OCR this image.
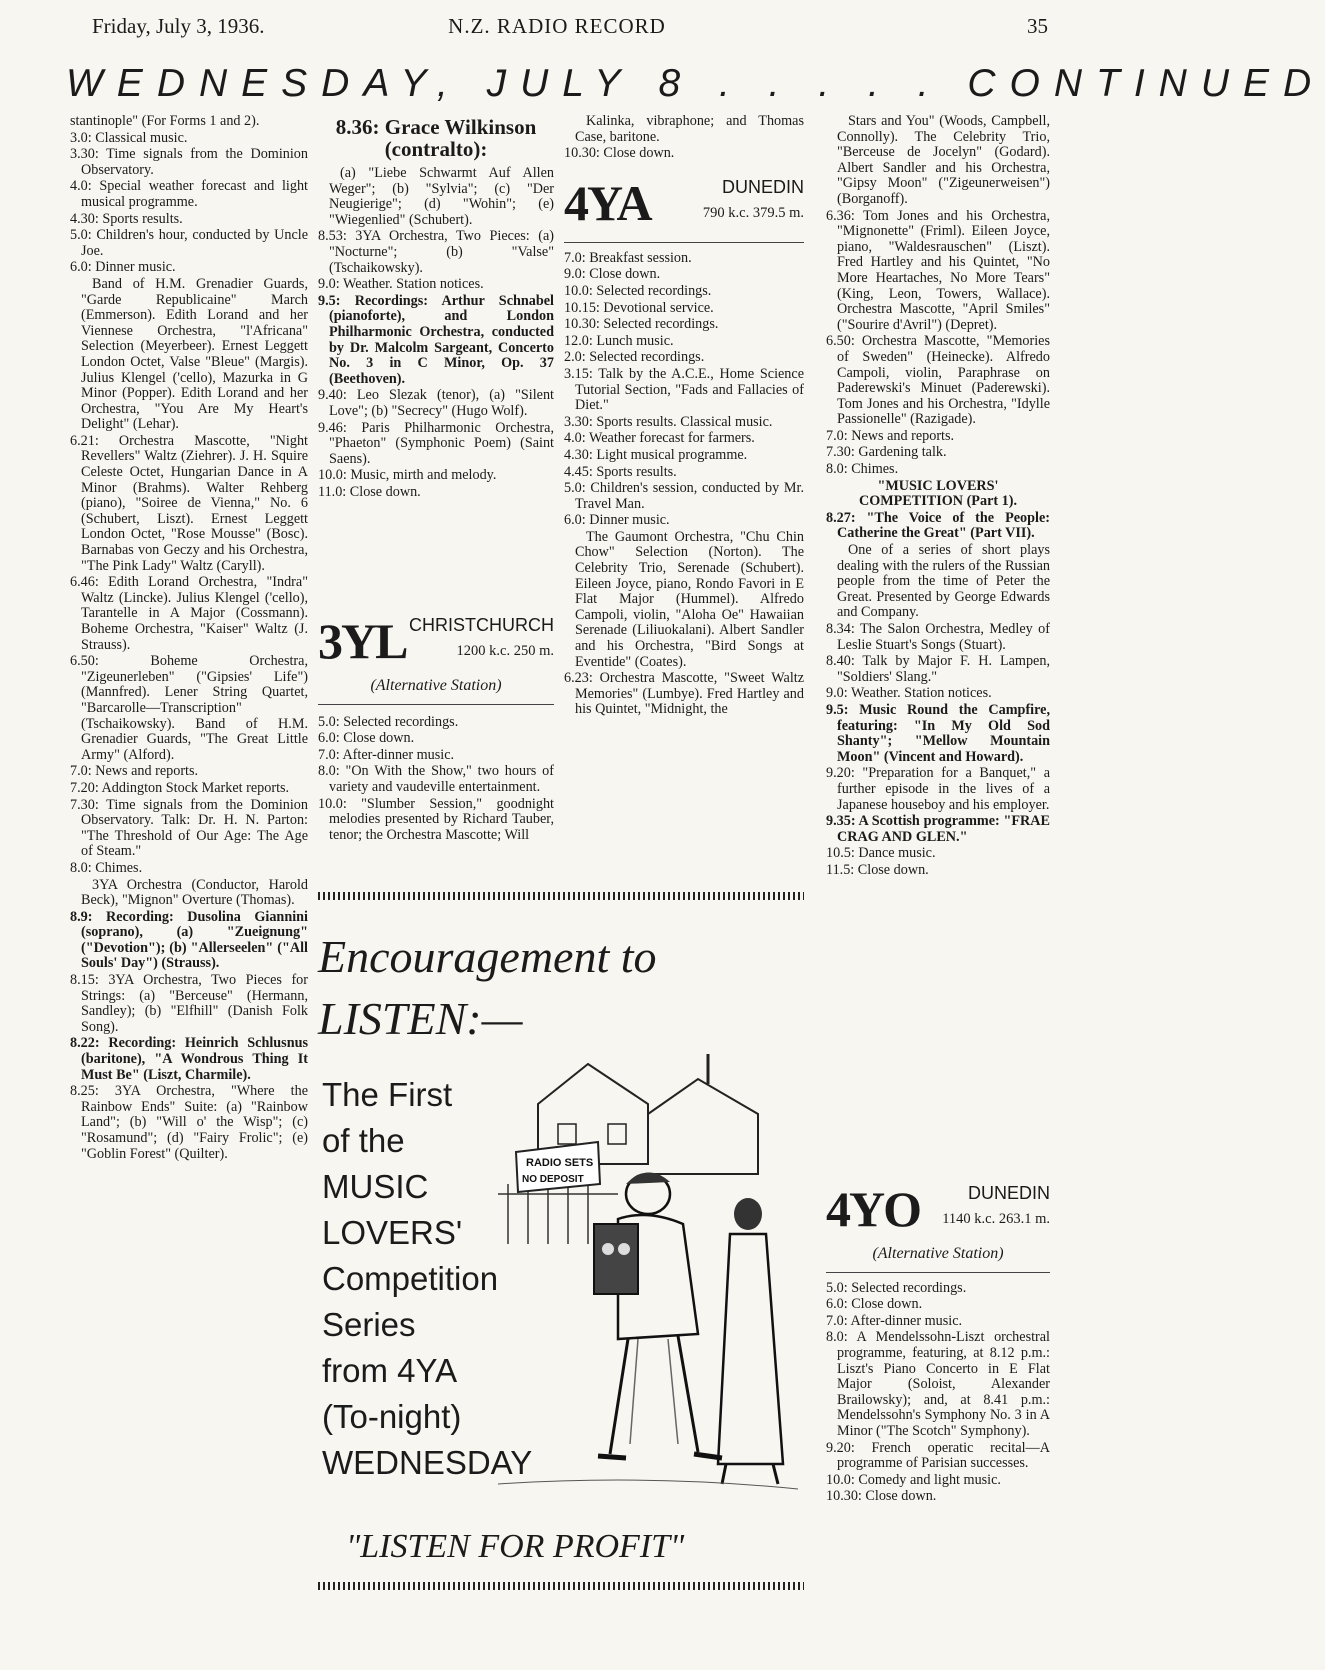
Friday, July 3, 1936.	N.Z. RADIO RECORD	35
WEDNESDAY, JULY 8 . . . . . CONTINUED
stantinople" (For Forms 1 and 2).
3.0: Classical music.
3.30: Time signals from the Dominion Observatory.
4.0: Special weather forecast and light musical programme.
4.30: Sports results.
5.0: Children's hour, conducted by Uncle Joe.
6.0: Dinner music.
Band of H.M. Grenadier Guards, "Garde Republicaine" March (Emmerson). Edith Lorand and her Viennese Orchestra, "l'Africana" Selection (Meyerbeer). Ernest Leggett London Octet, Valse "Bleue" (Margis). Julius Klengel ('cello), Mazurka in G Minor (Popper). Edith Lorand and her Orchestra, "You Are My Heart's Delight" (Lehar).
6.21: Orchestra Mascotte, "Night Revellers" Waltz (Ziehrer). J. H. Squire Celeste Octet, Hungarian Dance in A Minor (Brahms). Walter Rehberg (piano), "Soiree de Vienna," No. 6 (Schubert, Liszt). Ernest Leggett London Octet, "Rose Mousse" (Bosc). Barnabas von Geczy and his Orchestra, "The Pink Lady" Waltz (Caryll).
6.46: Edith Lorand Orchestra, "Indra" Waltz (Lincke). Julius Klengel ('cello), Tarantelle in A Major (Cossmann). Boheme Orchestra, "Kaiser" Waltz (J. Strauss).
6.50: Boheme Orchestra, "Zigeunerleben" ("Gipsies' Life") (Mannfred). Lener String Quartet, "Barcarolle—Transcription" (Tschaikowsky). Band of H.M. Grenadier Guards, "The Great Little Army" (Alford).
7.0: News and reports.
7.20: Addington Stock Market reports.
7.30: Time signals from the Dominion Observatory. Talk: Dr. H. N. Parton: "The Threshold of Our Age: The Age of Steam."
8.0: Chimes.
3YA Orchestra (Conductor, Harold Beck), "Mignon" Overture (Thomas).
8.9: Recording: Dusolina Giannini (soprano), (a) "Zueignung" ("Devotion"); (b) "Allerseelen" ("All Souls' Day") (Strauss).
8.15: 3YA Orchestra, Two Pieces for Strings: (a) "Berceuse" (Hermann, Sandley); (b) "Elfhill" (Danish Folk Song).
8.22: Recording: Heinrich Schlusnus (baritone), "A Wondrous Thing It Must Be" (Liszt, Charmile).
8.25: 3YA Orchestra, "Where the Rainbow Ends" Suite: (a) "Rainbow Land"; (b) "Will o' the Wisp"; (c) "Rosamund"; (d) "Fairy Frolic"; (e) "Goblin Forest" (Quilter).
8.36: Grace Wilkinson (contralto):
(a) "Liebe Schwarmt Auf Allen Weger"; (b) "Sylvia"; (c) "Der Neugierige"; (d) "Wohin"; (e) "Wiegenlied" (Schubert).
8.53: 3YA Orchestra, Two Pieces: (a) "Nocturne"; (b) "Valse" (Tschaikowsky).
9.0: Weather. Station notices.
9.5: Recordings: Arthur Schnabel (pianoforte), and London Philharmonic Orchestra, conducted by Dr. Malcolm Sargeant, Concerto No. 3 in C Minor, Op. 37 (Beethoven).
9.40: Leo Slezak (tenor), (a) "Silent Love"; (b) "Secrecy" (Hugo Wolf).
9.46: Paris Philharmonic Orchestra, "Phaeton" (Symphonic Poem) (Saint Saens).
10.0: Music, mirth and melody.
11.0: Close down.
3YL CHRISTCHURCH
1200 k.c. 250 m.
(Alternative Station)
5.0: Selected recordings.
6.0: Close down.
7.0: After-dinner music.
8.0: "On With the Show," two hours of variety and vaudeville entertainment.
10.0: "Slumber Session," goodnight melodies presented by Richard Tauber, tenor; the Orchestra Mascotte; Will
Kalinka, vibraphone; and Thomas Case, baritone.
10.30: Close down.
4YA	DUNEDIN
790 k.c. 379.5 m.
7.0: Breakfast session.
9.0: Close down.
10.0: Selected recordings.
10.15: Devotional service.
10.30: Selected recordings.
12.0: Lunch music.
2.0: Selected recordings.
3.15: Talk by the A.C.E., Home Science Tutorial Section, "Fads and Fallacies of Diet."
3.30: Sports results. Classical music.
4.0: Weather forecast for farmers.
4.30: Light musical programme.
4.45: Sports results.
5.0: Children's session, conducted by Mr. Travel Man.
6.0: Dinner music.
The Gaumont Orchestra, "Chu Chin Chow" Selection (Norton). The Celebrity Trio, Serenade (Schubert). Eileen Joyce, piano, Rondo Favori in E Flat Major (Hummel). Alfredo Campoli, violin, "Aloha Oe" Hawaiian Serenade (Liliuokalani). Albert Sandler and his Orchestra, "Bird Songs at Eventide" (Coates).
6.23: Orchestra Mascotte, "Sweet Waltz Memories" (Lumbye). Fred Hartley and his Quintet, "Midnight, the
Stars and You" (Woods, Campbell, Connolly). The Celebrity Trio, "Berceuse de Jocelyn" (Godard). Albert Sandler and his Orchestra, "Gipsy Moon" ("Zigeunerweisen") (Borganoff).
6.36: Tom Jones and his Orchestra, "Mignonette" (Friml). Eileen Joyce, piano, "Waldesrauschen" (Liszt). Fred Hartley and his Quintet, "No More Heartaches, No More Tears" (King, Leon, Towers, Wallace). Orchestra Mascotte, "April Smiles" ("Sourire d'Avril") (Depret).
6.50: Orchestra Mascotte, "Memories of Sweden" (Heinecke). Alfredo Campoli, violin, Paraphrase on Paderewski's Minuet (Paderewski). Tom Jones and his Orchestra, "Idylle Passionelle" (Razigade).
7.0: News and reports.
7.30: Gardening talk.
8.0: Chimes.
"MUSIC LOVERS' COMPETITION (Part 1).
8.27: "The Voice of the People: Catherine the Great" (Part VII).
One of a series of short plays dealing with the rulers of the Russian people from the time of Peter the Great. Presented by George Edwards and Company.
8.34: The Salon Orchestra, Medley of Leslie Stuart's Songs (Stuart).
8.40: Talk by Major F. H. Lampen, "Soldiers' Slang."
9.0: Weather. Station notices.
9.5: Music Round the Campfire, featuring: "In My Old Sod Shanty"; "Mellow Mountain Moon" (Vincent and Howard).
9.20: "Preparation for a Banquet," a further episode in the lives of a Japanese houseboy and his employer.
9.35: A Scottish programme: "FRAE CRAG AND GLEN."
10.5: Dance music.
11.5: Close down.
4YO	DUNEDIN
1140 k.c. 263.1 m.
(Alternative Station)
5.0: Selected recordings.
6.0: Close down.
7.0: After-dinner music.
8.0: A Mendelssohn-Liszt orchestral programme, featuring, at 8.12 p.m.: Liszt's Piano Concerto in E Flat Major (Soloist, Alexander Brailowsky); and, at 8.41 p.m.: Mendelssohn's Symphony No. 3 in A Minor ("The Scotch" Symphony).
9.20: French operatic recital—A programme of Parisian successes.
10.0: Comedy and light music.
10.30: Close down.
Encouragement to
LISTEN:—
The First
of the
MUSIC
LOVERS'
Competition
Series
from 4YA
(To-night)
WEDNESDAY
RADIO SETS
NO DEPOSIT
"LISTEN FOR PROFIT"
